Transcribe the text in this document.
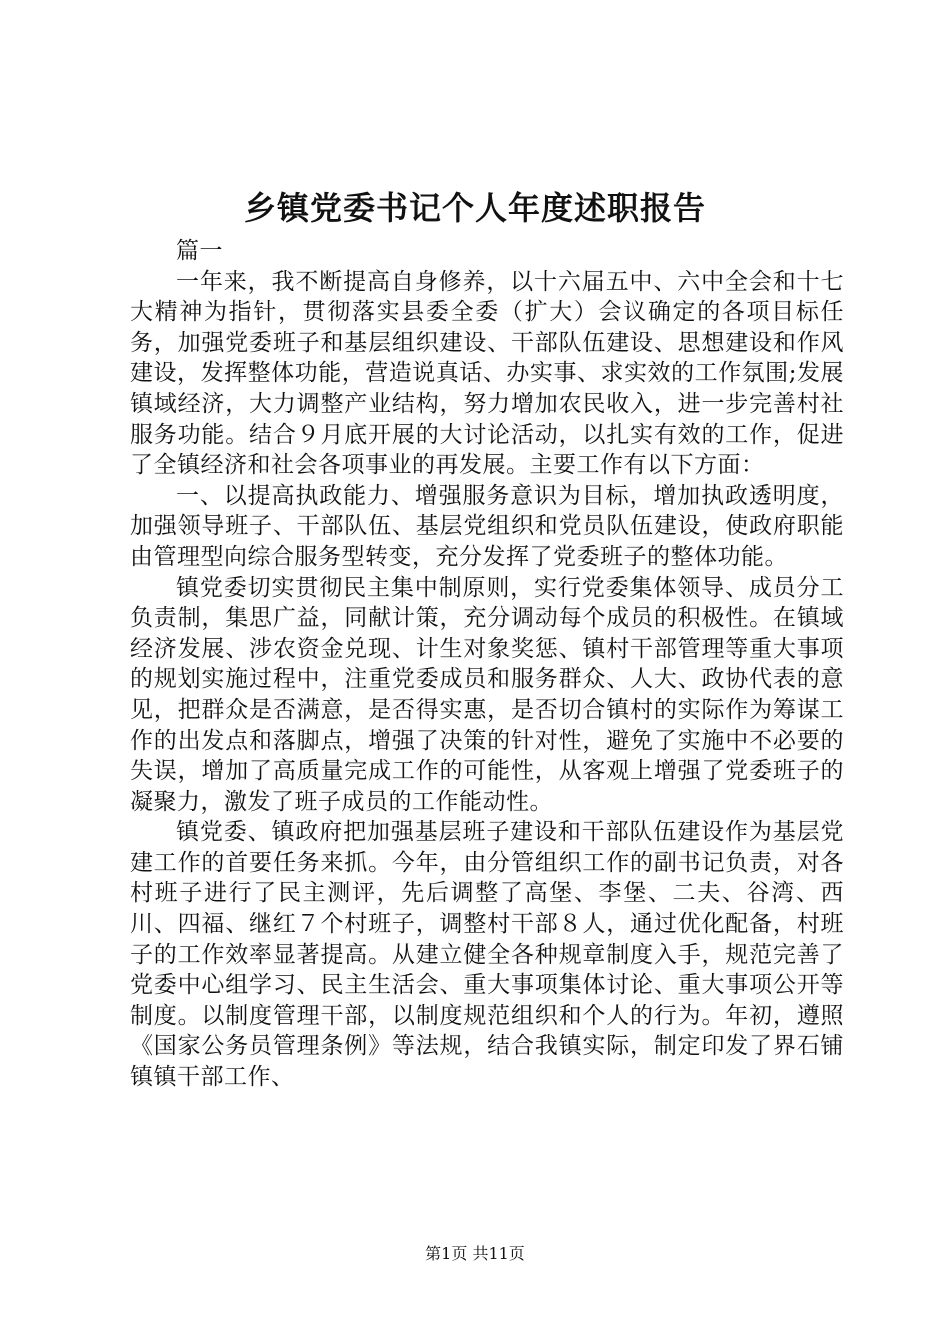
乡镇党委书记个人年度述职报告

篇一

一年来，我不断提高自身修养，以十六届五中、六中全会和十七大精神为指针，贯彻落实县委全委（扩大）会议确定的各项目标任务，加强党委班子和基层组织建设、干部队伍建设、思想建设和作风建设，发挥整体功能，营造说真话、办实事、求实效的工作氛围;发展镇域经济，大力调整产业结构，努力增加农民收入，进一步完善村社服务功能。结合９月底开展的大讨论活动，以扎实有效的工作，促进了全镇经济和社会各项事业的再发展。主要工作有以下方面：

一、以提高执政能力、增强服务意识为目标，增加执政透明度，加强领导班子、干部队伍、基层党组织和党员队伍建设，使政府职能由管理型向综合服务型转变，充分发挥了党委班子的整体功能。

镇党委切实贯彻民主集中制原则，实行党委集体领导、成员分工负责制，集思广益，同献计策，充分调动每个成员的积极性。在镇域经济发展、涉农资金兑现、计生对象奖惩、镇村干部管理等重大事项的规划实施过程中，注重党委成员和服务群众、人大、政协代表的意见，把群众是否满意，是否得实惠，是否切合镇村的实际作为筹谋工作的出发点和落脚点，增强了决策的针对性，避免了实施中不必要的失误，增加了高质量完成工作的可能性，从客观上增强了党委班子的凝聚力，激发了班子成员的工作能动性。

镇党委、镇政府把加强基层班子建设和干部队伍建设作为基层党建工作的首要任务来抓。今年，由分管组织工作的副书记负责，对各村班子进行了民主测评，先后调整了高堡、李堡、二夫、谷湾、西川、四福、继红７个村班子，调整村干部８人，通过优化配备，村班子的工作效率显著提高。从建立健全各种规章制度入手，规范完善了党委中心组学习、民主生活会、重大事项集体讨论、重大事项公开等制度。以制度管理干部，以制度规范组织和个人的行为。年初，遵照《国家公务员管理条例》等法规，结合我镇实际，制定印发了界石铺镇镇干部工作、

第1页 共11页
